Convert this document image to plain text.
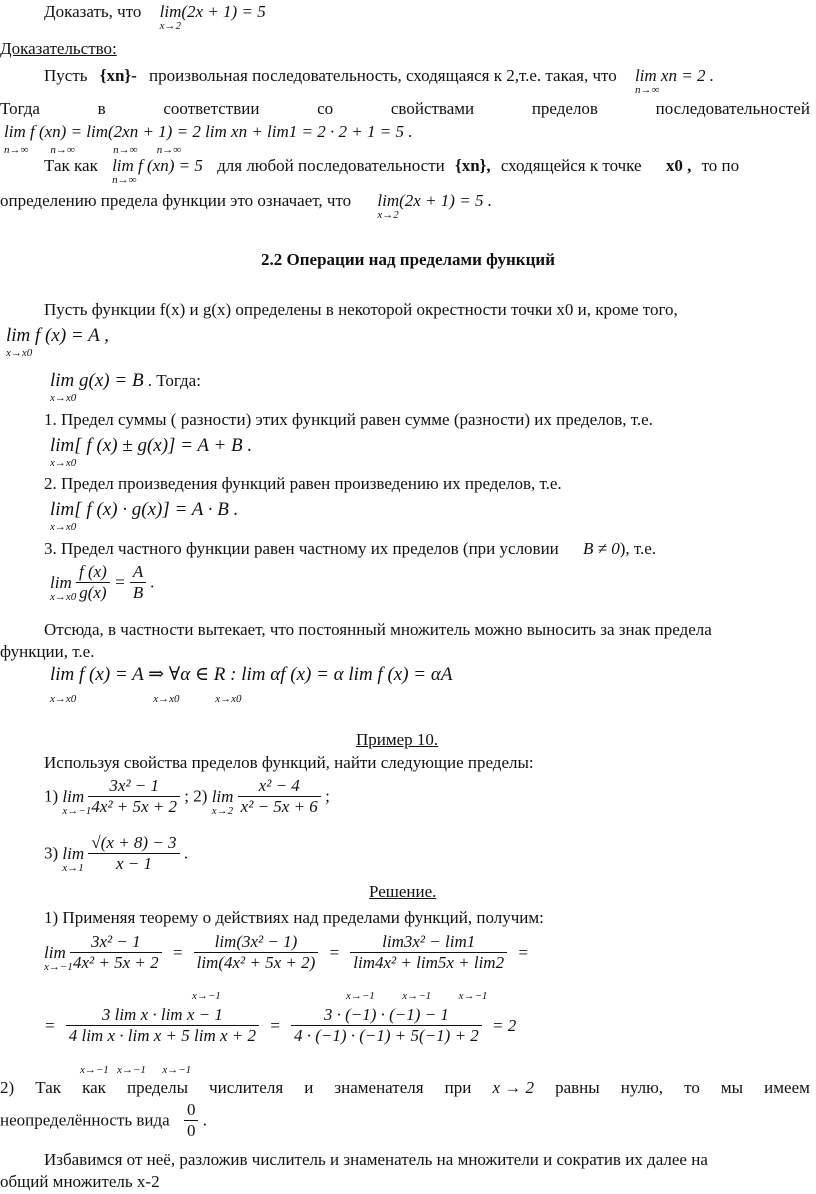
Доказать, что lim(2x + 1) = 5
x→2
Доказательство:
Пусть {xn}- произвольная последовательность, сходящаяся к 2,т.е. такая, что lim xn = 2 .
n→∞
Тогда	в	соответствии	со	свойствами	пределов	последовательностей
lim f (xn) = lim(2xn + 1) = 2 lim xn + lim1 = 2 · 2 + 1 = 5 .
n→∞        n→∞              n→∞       n→∞
Так как lim f (xn) = 5
n→∞
для любой последовательности {xn}, сходящейся к точке x0 , то по
определению предела функции это означает, что lim(2x + 1) = 5 .
x→2
2.2 Операции над пределами функций
Пусть функции f(x) и g(x) определены в некоторой окрестности точки x0 и, кроме того,
lim f (x) = A ,
x→x0
lim g(x) = B
x→x0
. Тогда:
1. Предел суммы ( разности) этих функций равен сумме (разности) их пределов, т.е.
lim[ f (x) ± g(x)] = A + B .
x→x0
2. Предел произведения функций равен произведению их пределов, т.е.
lim[ f (x) · g(x)] = A · B .
x→x0
3. Предел частного функции равен частному их пределов (при условии B ≠ 0), т.е.
lim
x→x0
$\frac{f (x)}{g(x)} = \frac{A}{B}$ .
Отсюда, в частности вытекает, что постоянный множитель можно выносить за знак предела
функции, т.е.
lim f (x) = A ⇒ ∀α ∈ R : lim αf (x) = α lim f (x) = αA
x→x0                            x→x0             x→x0
Пример 10.
Используя свойства пределов функций, найти следующие пределы:
1) lim
x→−1

$\frac{\text{3x² − 1}}{\text{4x² + 5x + 2}}$ ; 2) lim
x→2
$\frac{\text{x² − 4}}{\text{x² − 5x + 6}}$ ;
3) lim
x→1
$\frac{√(x + 8) - 3}{x - 1}$ .
Решение.
1) Применяя теорему о действиях над пределами функций, получим:
lim
x→−1

$\frac{\text{3x² − 1}}{\text{4x² + 5x + 2}} = \frac{\text{lim(3x² − 1)}}{\text{lim(4x² + 5x + 2)}} = \frac{\text{lim3x² − lim1}}{\text{lim4x² + lim5x + lim2}}$ =
x→−1          x→−1          x→−1
x→−1
= $\frac{\text{3 lim x · lim x − 1}}{\text{4 lim x · lim x + 5 lim x + 2}} = \frac{3 \cdot (-1) \cdot (-1) - 1}{4 \cdot (-1) \cdot (-1) + 5(-1) + 2} = 2$
x→−1   x→−1      x→−1
2) Так как пределы числителя и знаменателя при x → 2 равны нулю, то мы имеем
неопределённость вида $\frac{0}{0}$ .
Избавимся от неё, разложив числитель и знаменатель на множители и сократив их далее на
общий множитель x-2
